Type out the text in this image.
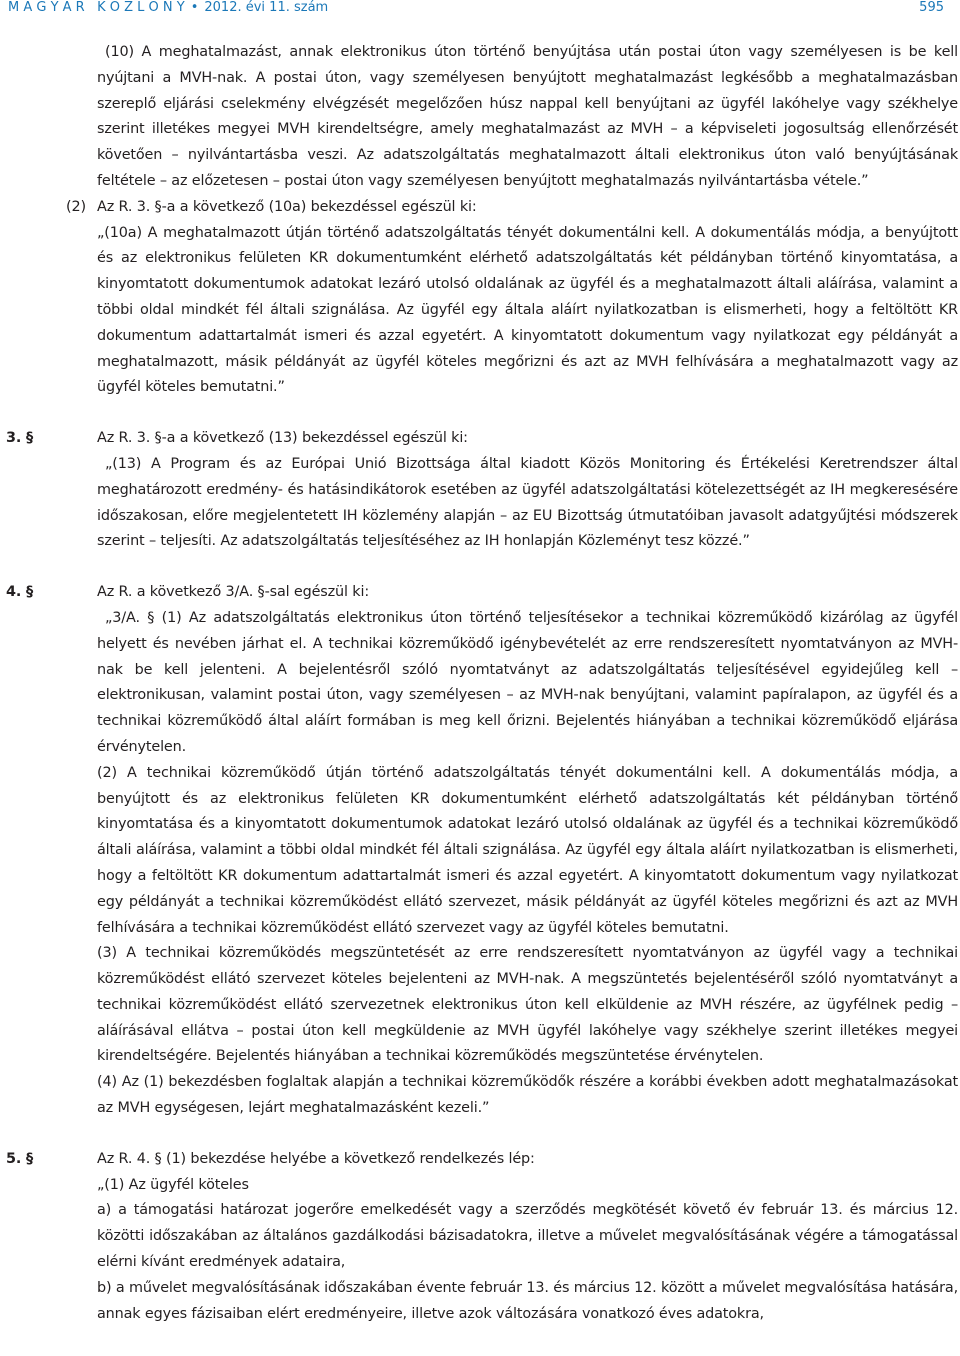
M A G Y A R   K Ö Z L Ö N Y • 2012. évi 11. szám	595

(10) A meghatalmazást, annak elektronikus úton történő benyújtása után postai úton vagy személyesen is be kell nyújtani a MVH-nak. A postai úton, vagy személyesen benyújtott meghatalmazást legkésőbb a meghatalmazásban szereplő eljárási cselekmény elvégzését megelőzően húsz nappal kell benyújtani az ügyfél lakóhelye vagy székhelye szerint illetékes megyei MVH kirendeltségre, amely meghatalmazást az MVH – a képviseleti jogosultság ellenőrzését követően – nyilvántartásba veszi. Az adatszolgáltatás meghatalmazott általi elektronikus úton való benyújtásának feltétele – az előzetesen – postai úton vagy személyesen benyújtott meghatalmazás nyilvántartásba vétele.”

(2) Az R. 3. §-a a következő (10a) bekezdéssel egészül ki:

„(10a) A meghatalmazott útján történő adatszolgáltatás tényét dokumentálni kell. A dokumentálás módja, a benyújtott és az elektronikus felületen KR dokumentumként elérhető adatszolgáltatás két példányban történő kinyomtatása, a kinyomtatott dokumentumok adatokat lezáró utolsó oldalának az ügyfél és a meghatalmazott általi aláírása, valamint a többi oldal mindkét fél általi szignálása. Az ügyfél egy általa aláírt nyilatkozatban is elismerheti, hogy a feltöltött KR dokumentum adattartalmát ismeri és azzal egyetért. A kinyomtatott dokumentum vagy nyilatkozat egy példányát a meghatalmazott, másik példányát az ügyfél köteles megőrizni és azt az MVH felhívására a meghatalmazott vagy az ügyfél köteles bemutatni.”

3. §	Az R. 3. §-a a következő (13) bekezdéssel egészül ki:

„(13) A Program és az Európai Unió Bizottsága által kiadott Közös Monitoring és Értékelési Keretrendszer által meghatározott eredmény- és hatásindikátorok esetében az ügyfél adatszolgáltatási kötelezettségét az IH megkeresésére időszakosan, előre megjelentetett IH közlemény alapján – az EU Bizottság útmutatóiban javasolt adatgyűjtési módszerek szerint – teljesíti. Az adatszolgáltatás teljesítéséhez az IH honlapján Közleményt tesz közzé.”

4. §	Az R. a következő 3/A. §-sal egészül ki:

„3/A. § (1) Az adatszolgáltatás elektronikus úton történő teljesítésekor a technikai közreműködő kizárólag az ügyfél helyett és nevében járhat el. A technikai közreműködő igénybevételét az erre rendszeresített nyomtatványon az MVH-nak be kell jelenteni. A bejelentésről szóló nyomtatványt az adatszolgáltatás teljesítésével egyidejűleg kell – elektronikusan, valamint postai úton, vagy személyesen – az MVH-nak benyújtani, valamint papíralapon, az ügyfél és a technikai közreműködő által aláírt formában is meg kell őrizni. Bejelentés hiányában a technikai közreműködő eljárása érvénytelen.

(2) A technikai közreműködő útján történő adatszolgáltatás tényét dokumentálni kell. A dokumentálás módja, a benyújtott és az elektronikus felületen KR dokumentumként elérhető adatszolgáltatás két példányban történő kinyomtatása és a kinyomtatott dokumentumok adatokat lezáró utolsó oldalának az ügyfél és a technikai közreműködő általi aláírása, valamint a többi oldal mindkét fél általi szignálása. Az ügyfél egy általa aláírt nyilatkozatban is elismerheti, hogy a feltöltött KR dokumentum adattartalmát ismeri és azzal egyetért. A kinyomtatott dokumentum vagy nyilatkozat egy példányát a technikai közreműködést ellátó szervezet, másik példányát az ügyfél köteles megőrizni és azt az MVH felhívására a technikai közreműködést ellátó szervezet vagy az ügyfél köteles bemutatni.

(3) A technikai közreműködés megszüntetését az erre rendszeresített nyomtatványon az ügyfél vagy a technikai közreműködést ellátó szervezet köteles bejelenteni az MVH-nak. A megszüntetés bejelentéséről szóló nyomtatványt a technikai közreműködést ellátó szervezetnek elektronikus úton kell elküldenie az MVH részére, az ügyfélnek pedig – aláírásával ellátva – postai úton kell megküldenie az MVH ügyfél lakóhelye vagy székhelye szerint illetékes megyei kirendeltségére. Bejelentés hiányában a technikai közreműködés megszüntetése érvénytelen.

(4) Az (1) bekezdésben foglaltak alapján a technikai közreműködők részére a korábbi években adott meghatalmazásokat az MVH egységesen, lejárt meghatalmazásként kezeli.”

5. §	Az R. 4. § (1) bekezdése helyébe a következő rendelkezés lép:

„(1) Az ügyfél köteles

a) a támogatási határozat jogerőre emelkedését vagy a szerződés megkötését követő év február 13. és március 12. közötti időszakában az általános gazdálkodási bázisadatokra, illetve a művelet megvalósításának végére a támogatással elérni kívánt eredmények adataira,

b) a művelet megvalósításának időszakában évente február 13. és március 12. között a művelet megvalósítása hatására, annak egyes fázisaiban elért eredményeire, illetve azok változására vonatkozó éves adatokra,
